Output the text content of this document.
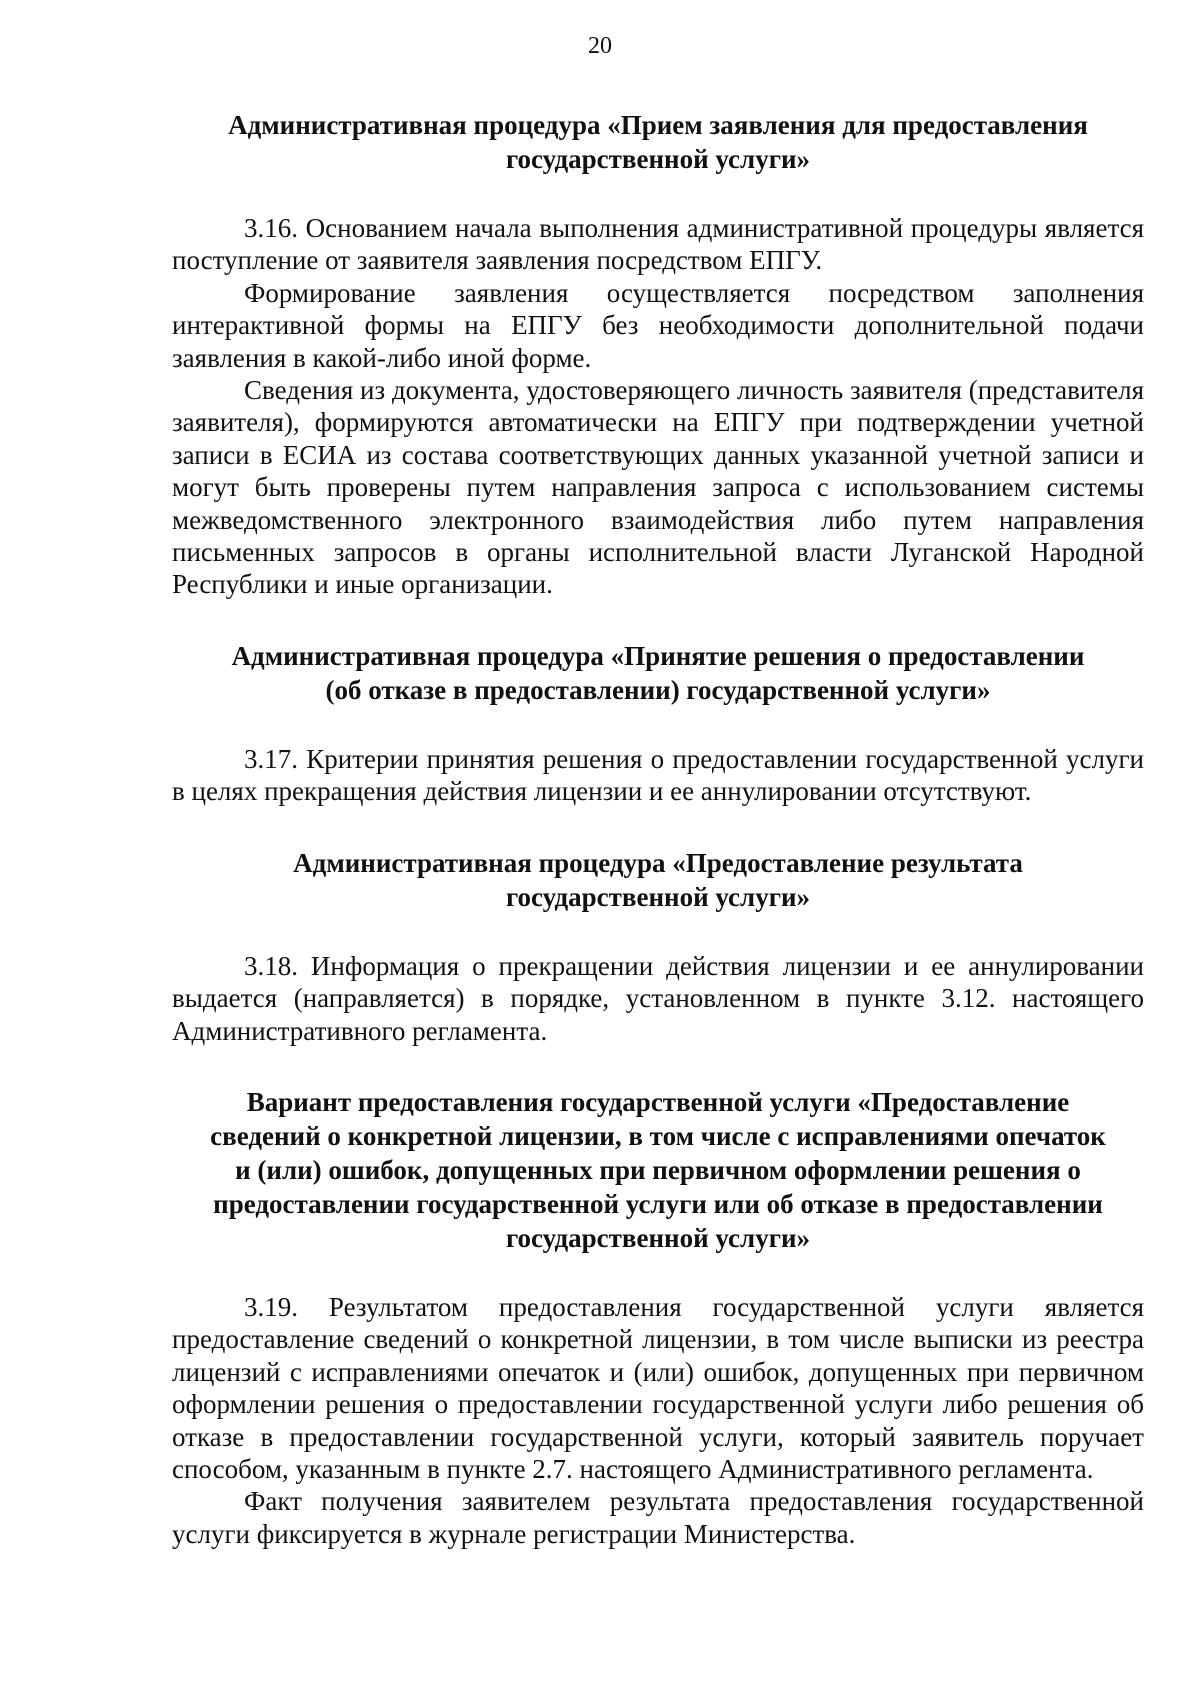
20
Административная процедура «Прием заявления для предоставления
государственной услуги»

3.16. Основанием начала выполнения административной процедуры является поступление от заявителя заявления посредством ЕПГУ.

Формирование заявления осуществляется посредством заполнения интерактивной формы на ЕПГУ без необходимости дополнительной подачи заявления в какой-либо иной форме.

Сведения из документа, удостоверяющего личность заявителя (представителя заявителя), формируются автоматически на ЕПГУ при подтверждении учетной записи в ЕСИА из состава соответствующих данных указанной учетной записи и могут быть проверены путем направления запроса с использованием системы межведомственного электронного взаимодействия либо путем направления письменных запросов в органы исполнительной власти Луганской Народной Республики и иные организации.

Административная процедура «Принятие решения о предоставлении
(об отказе в предоставлении) государственной услуги»

3.17. Критерии принятия решения о предоставлении государственной услуги в целях прекращения действия лицензии и ее аннулировании отсутствуют.

Административная процедура «Предоставление результата
государственной услуги»

3.18. Информация о прекращении действия лицензии и ее аннулировании выдается (направляется) в порядке, установленном в пункте 3.12. настоящего Административного регламента.

Вариант предоставления государственной услуги «Предоставление
сведений о конкретной лицензии, в том числе с исправлениями опечаток
и (или) ошибок, допущенных при первичном оформлении решения о
предоставлении государственной услуги или об отказе в предоставлении
государственной услуги»

3.19. Результатом предоставления государственной услуги является предоставление сведений о конкретной лицензии, в том числе выписки из реестра лицензий с исправлениями опечаток и (или) ошибок, допущенных при первичном оформлении решения о предоставлении государственной услуги либо решения об отказе в предоставлении государственной услуги, который заявитель поручает способом, указанным в пункте 2.7. настоящего Административного регламента.

Факт получения заявителем результата предоставления государственной услуги фиксируется в журнале регистрации Министерства.
